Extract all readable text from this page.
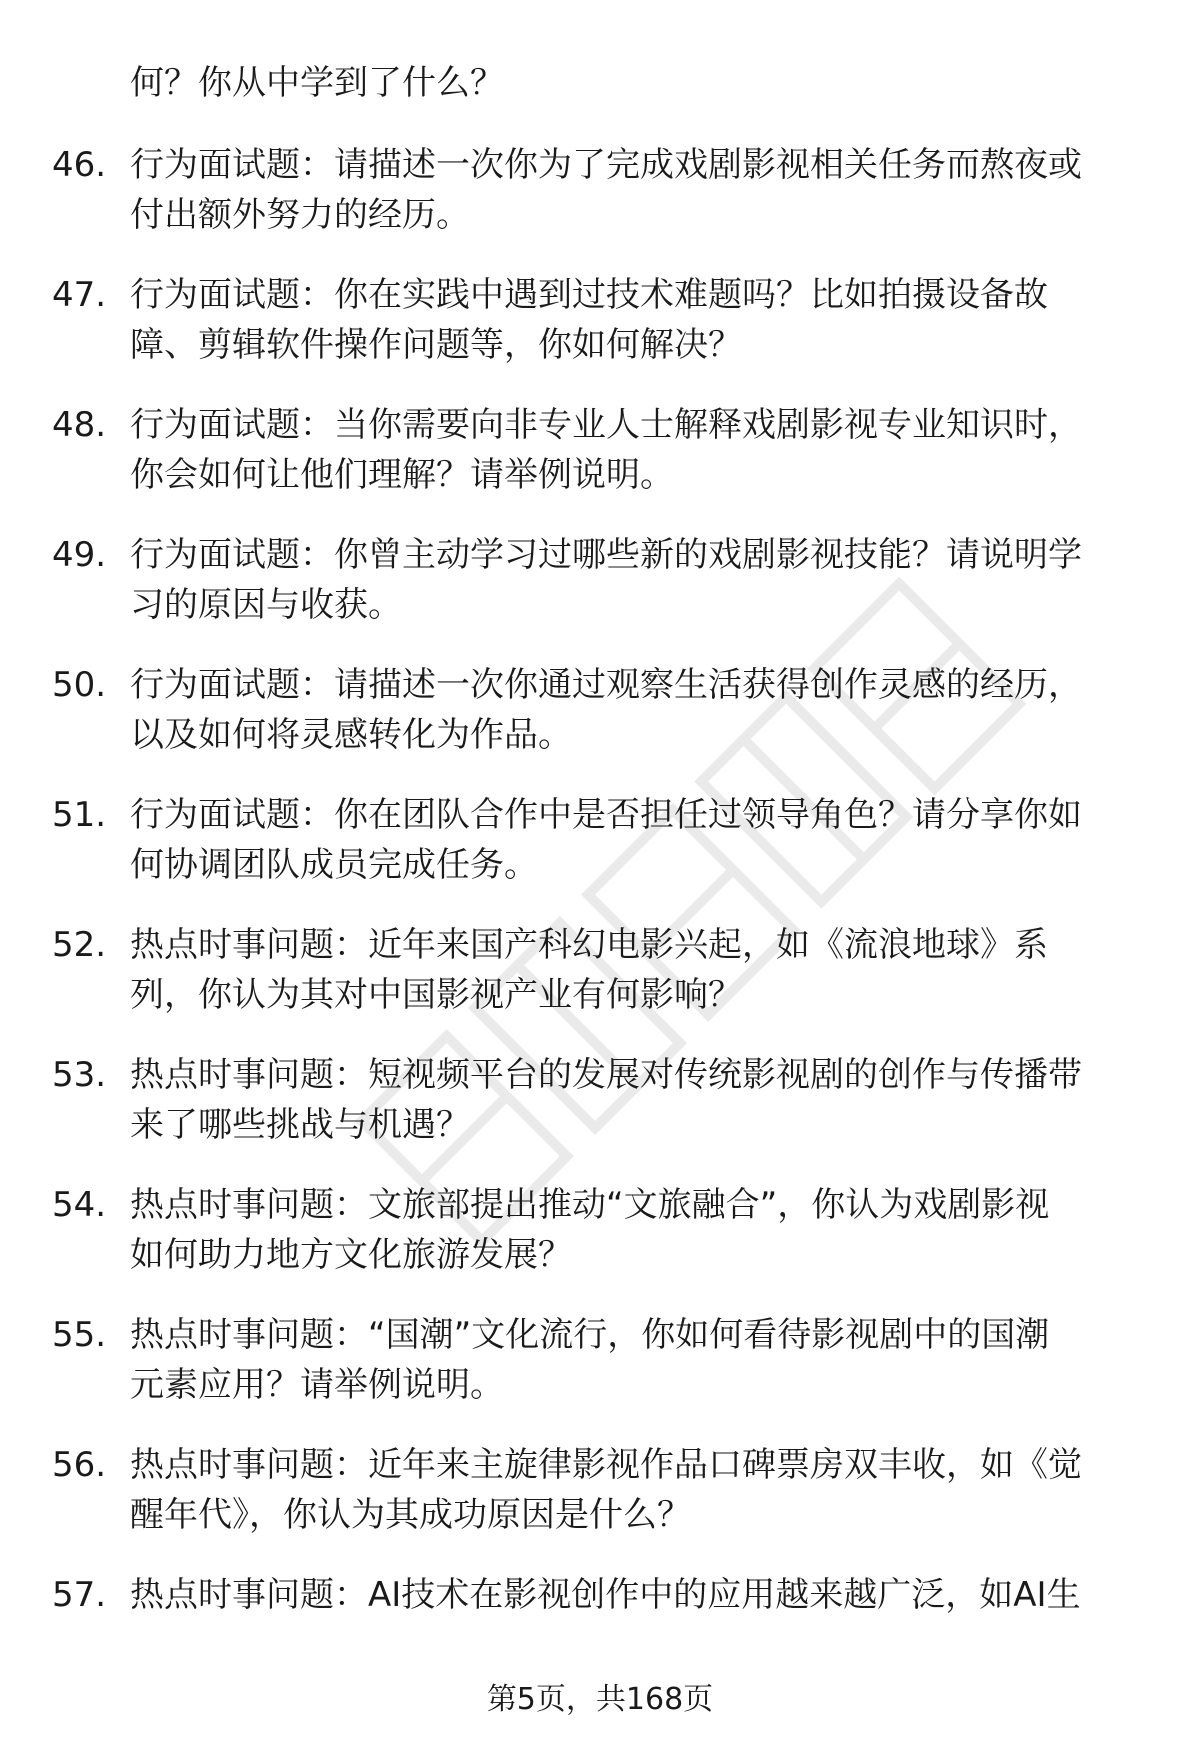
何？你从中学到了什么？
46. 行为面试题：请描述一次你为了完成戏剧影视相关任务而熬夜或
付出额外努力的经历。
47. 行为面试题：你在实践中遇到过技术难题吗？比如拍摄设备故
障、剪辑软件操作问题等，你如何解决？
48. 行为面试题：当你需要向非专业人士解释戏剧影视专业知识时，
你会如何让他们理解？请举例说明。
49. 行为面试题：你曾主动学习过哪些新的戏剧影视技能？请说明学
习的原因与收获。
50. 行为面试题：请描述一次你通过观察生活获得创作灵感的经历，
以及如何将灵感转化为作品。
51. 行为面试题：你在团队合作中是否担任过领导角色？请分享你如
何协调团队成员完成任务。
52. 热点时事问题：近年来国产科幻电影兴起，如《流浪地球》系
列，你认为其对中国影视产业有何影响？
53. 热点时事问题：短视频平台的发展对传统影视剧的创作与传播带
来了哪些挑战与机遇？
54. 热点时事问题：文旅部提出推动“文旅融合”，你认为戏剧影视
如何助力地方文化旅游发展？
55. 热点时事问题：“国潮”文化流行，你如何看待影视剧中的国潮
元素应用？请举例说明。
56. 热点时事问题：近年来主旋律影视作品口碑票房双丰收，如《觉
醒年代》，你认为其成功原因是什么？
57. 热点时事问题：AI技术在影视创作中的应用越来越广泛，如AI生
第5页，共168页
